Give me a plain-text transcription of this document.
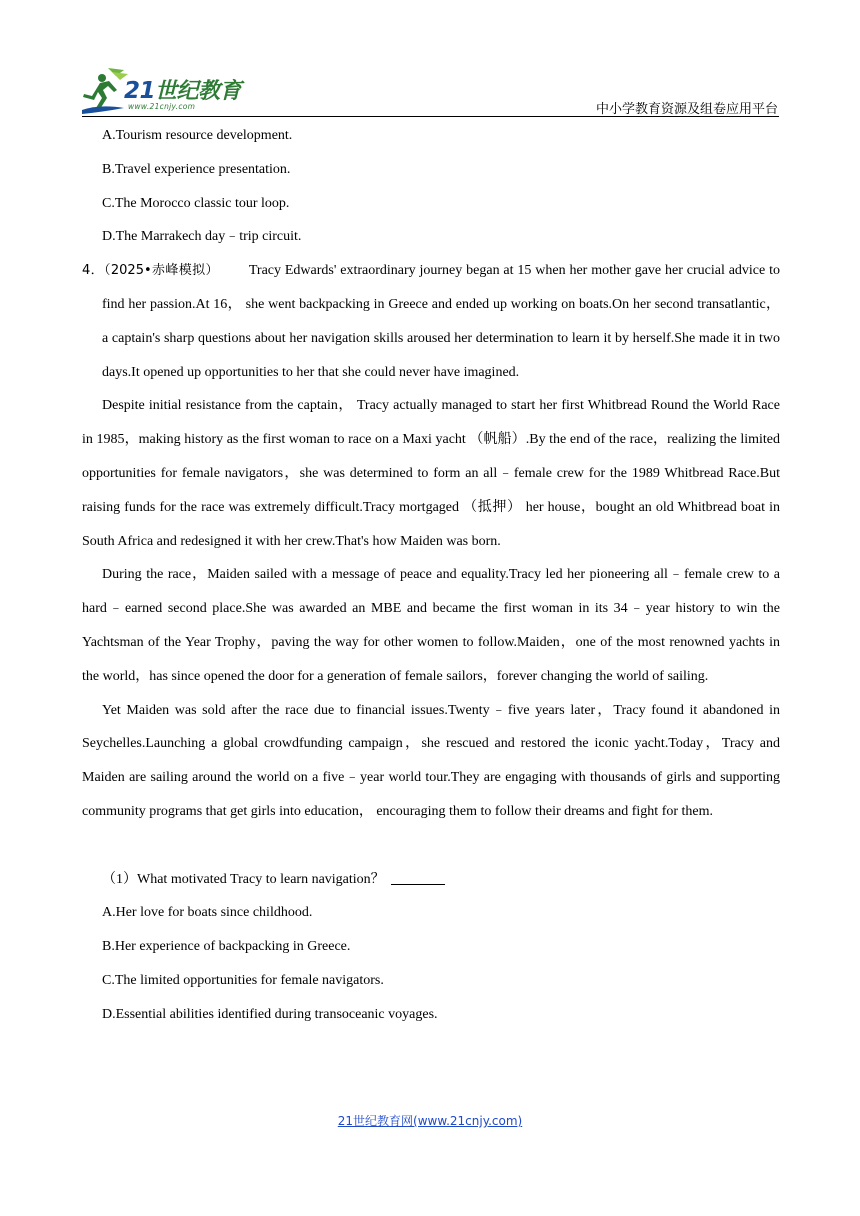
21世纪教育
www.21cnjy.com	中小学教育资源及组卷应用平台
A.Tourism resource development.
B.Travel experience presentation.
C.The Morocco classic tour loop.
D.The Marrakech day﹣trip circuit.
4．（2025•赤峰模拟） Tracy Edwards' extraordinary journey began at 15 when her mother gave her crucial advice to find her passion.At 16， she went backpacking in Greece and ended up working on boats.On her second transatlantic，a captain's sharp questions about her navigation skills aroused her determination to learn it by herself.She made it in two days.It opened up opportunities to her that she could never have imagined.
Despite initial resistance from the captain， Tracy actually managed to start her first Whitbread Round the World Race in 1985，making history as the first woman to race on a Maxi yacht （帆船）.By the end of the race，realizing the limited opportunities for female navigators，she was determined to form an all﹣female crew for the 1989 Whitbread Race.But raising funds for the race was extremely difficult.Tracy mortgaged （抵押） her house，bought an old Whitbread boat in South Africa and redesigned it with her crew.That's how Maiden was born.
During the race，Maiden sailed with a message of peace and equality.Tracy led her pioneering all﹣female crew to a hard﹣earned second place.She was awarded an MBE and became the first woman in its 34﹣year history to win the Yachtsman of the Year Trophy，paving the way for other women to follow.Maiden，one of the most renowned yachts in the world，has since opened the door for a generation of female sailors，forever changing the world of sailing.
Yet Maiden was sold after the race due to financial issues.Twenty﹣five years later，Tracy found it abandoned in Seychelles.Launching a global crowdfunding campaign，she rescued and restored the iconic yacht.Today，Tracy and Maiden are sailing around the world on a five﹣year world tour.They are engaging with thousands of girls and supporting community programs that get girls into education， encouraging them to follow their dreams and fight for them.
（1）What motivated Tracy to learn navigation？
A.Her love for boats since childhood.
B.Her experience of backpacking in Greece.
C.The limited opportunities for female navigators.
D.Essential abilities identified during transoceanic voyages.
21世纪教育网(www.21cnjy.com)
